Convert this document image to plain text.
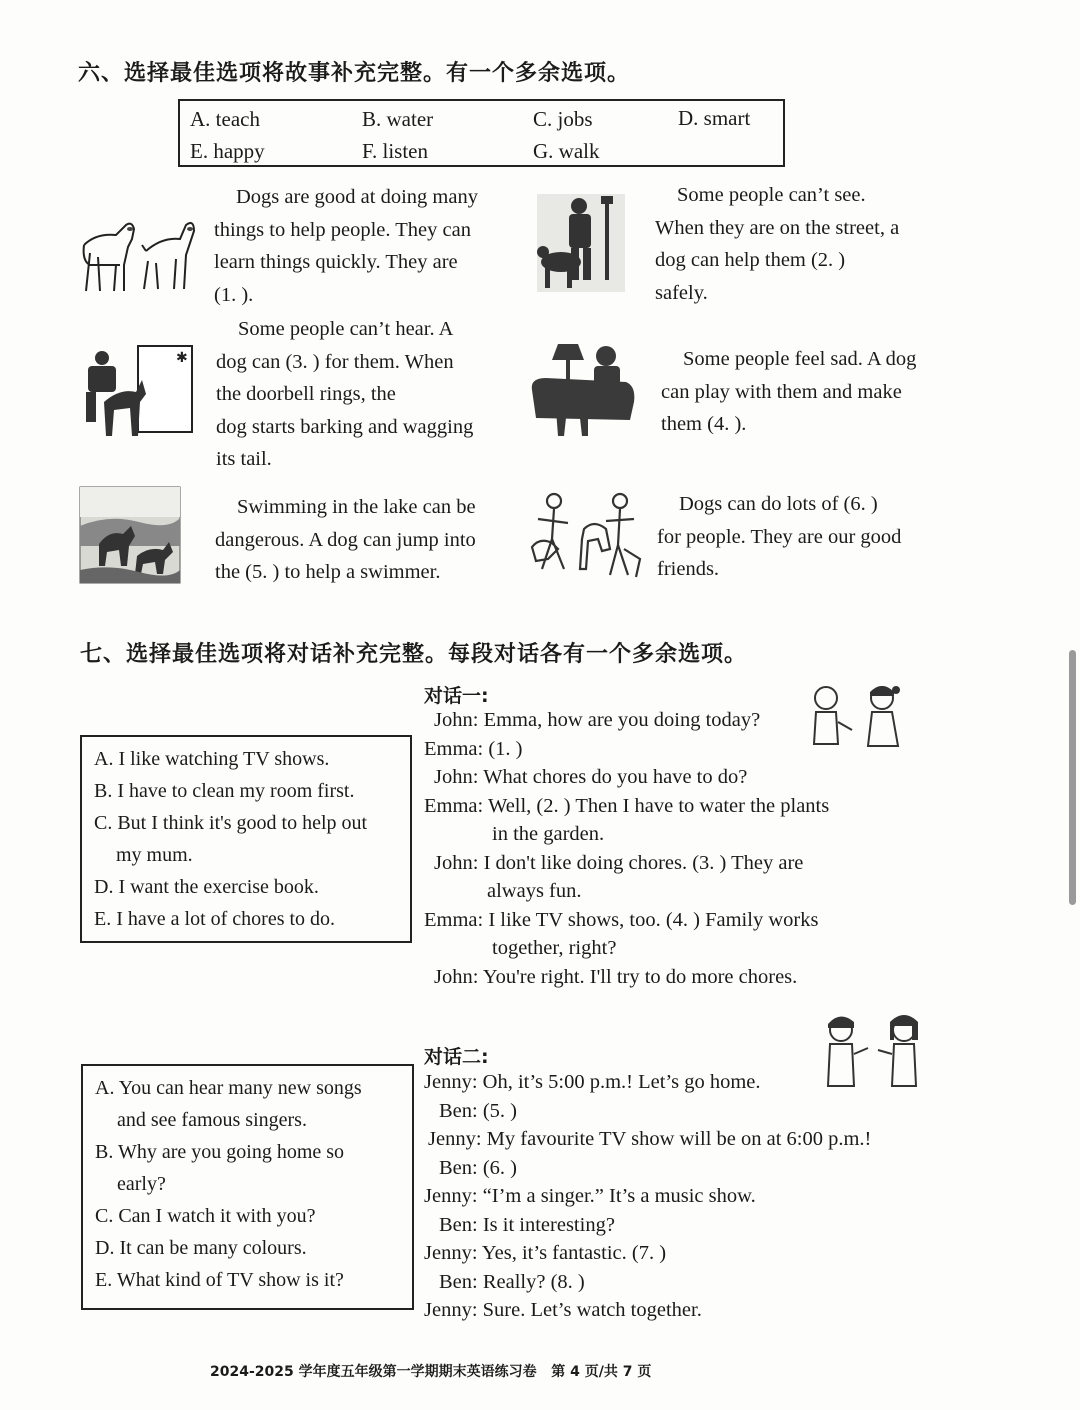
六、选择最佳选项将故事补充完整。有一个多余选项。
A. teach	B. water	C. jobs	D. smart
E. happy	F. listen	G. walk
Dogs are good at doing many
things to help people. They can
learn things quickly. They are
(1. ).
Some people can’t see.
When they are on the street, a
dog can help them (2. )
safely.
✱
Some people can’t hear. A
dog can (3. ) for them. When
the doorbell rings, the
dog starts barking and wagging
its tail.
Some people feel sad. A dog
can play with them and make
them (4. ).
Swimming in the lake can be
dangerous. A dog can jump into
the (5. ) to help a swimmer.
Dogs can do lots of (6. )
for people. They are our good
friends.
七、选择最佳选项将对话补充完整。每段对话各有一个多余选项。
A. I like watching TV shows.
B. I have to clean my room first.
C. But I think it's good to help out
my mum.
D. I want the exercise book.
E. I have a lot of chores to do.
对话一:
John: Emma, how are you doing today?
Emma: (1. )
John: What chores do you have to do?
Emma: Well, (2. ) Then I have to water the plants
in the garden.
John: I don't like doing chores. (3. ) They are
always fun.
Emma: I like TV shows, too. (4. ) Family works
together, right?
John: You're right. I'll try to do more chores.
A. You can hear many new songs
and see famous singers.
B. Why are you going home so
early?
C. Can I watch it with you?
D. It can be many colours.
E. What kind of TV show is it?
对话二:
Jenny: Oh, it’s 5:00 p.m.! Let’s go home.
Ben: (5. )
Jenny: My favourite TV show will be on at 6:00 p.m.!
Ben: (6. )
Jenny: “I’m a singer.” It’s a music show.
Ben: Is it interesting?
Jenny: Yes, it’s fantastic. (7. )
Ben: Really? (8. )
Jenny: Sure. Let’s watch together.
2024-2025 学年度五年级第一学期期末英语练习卷   第 4 页/共 7 页
